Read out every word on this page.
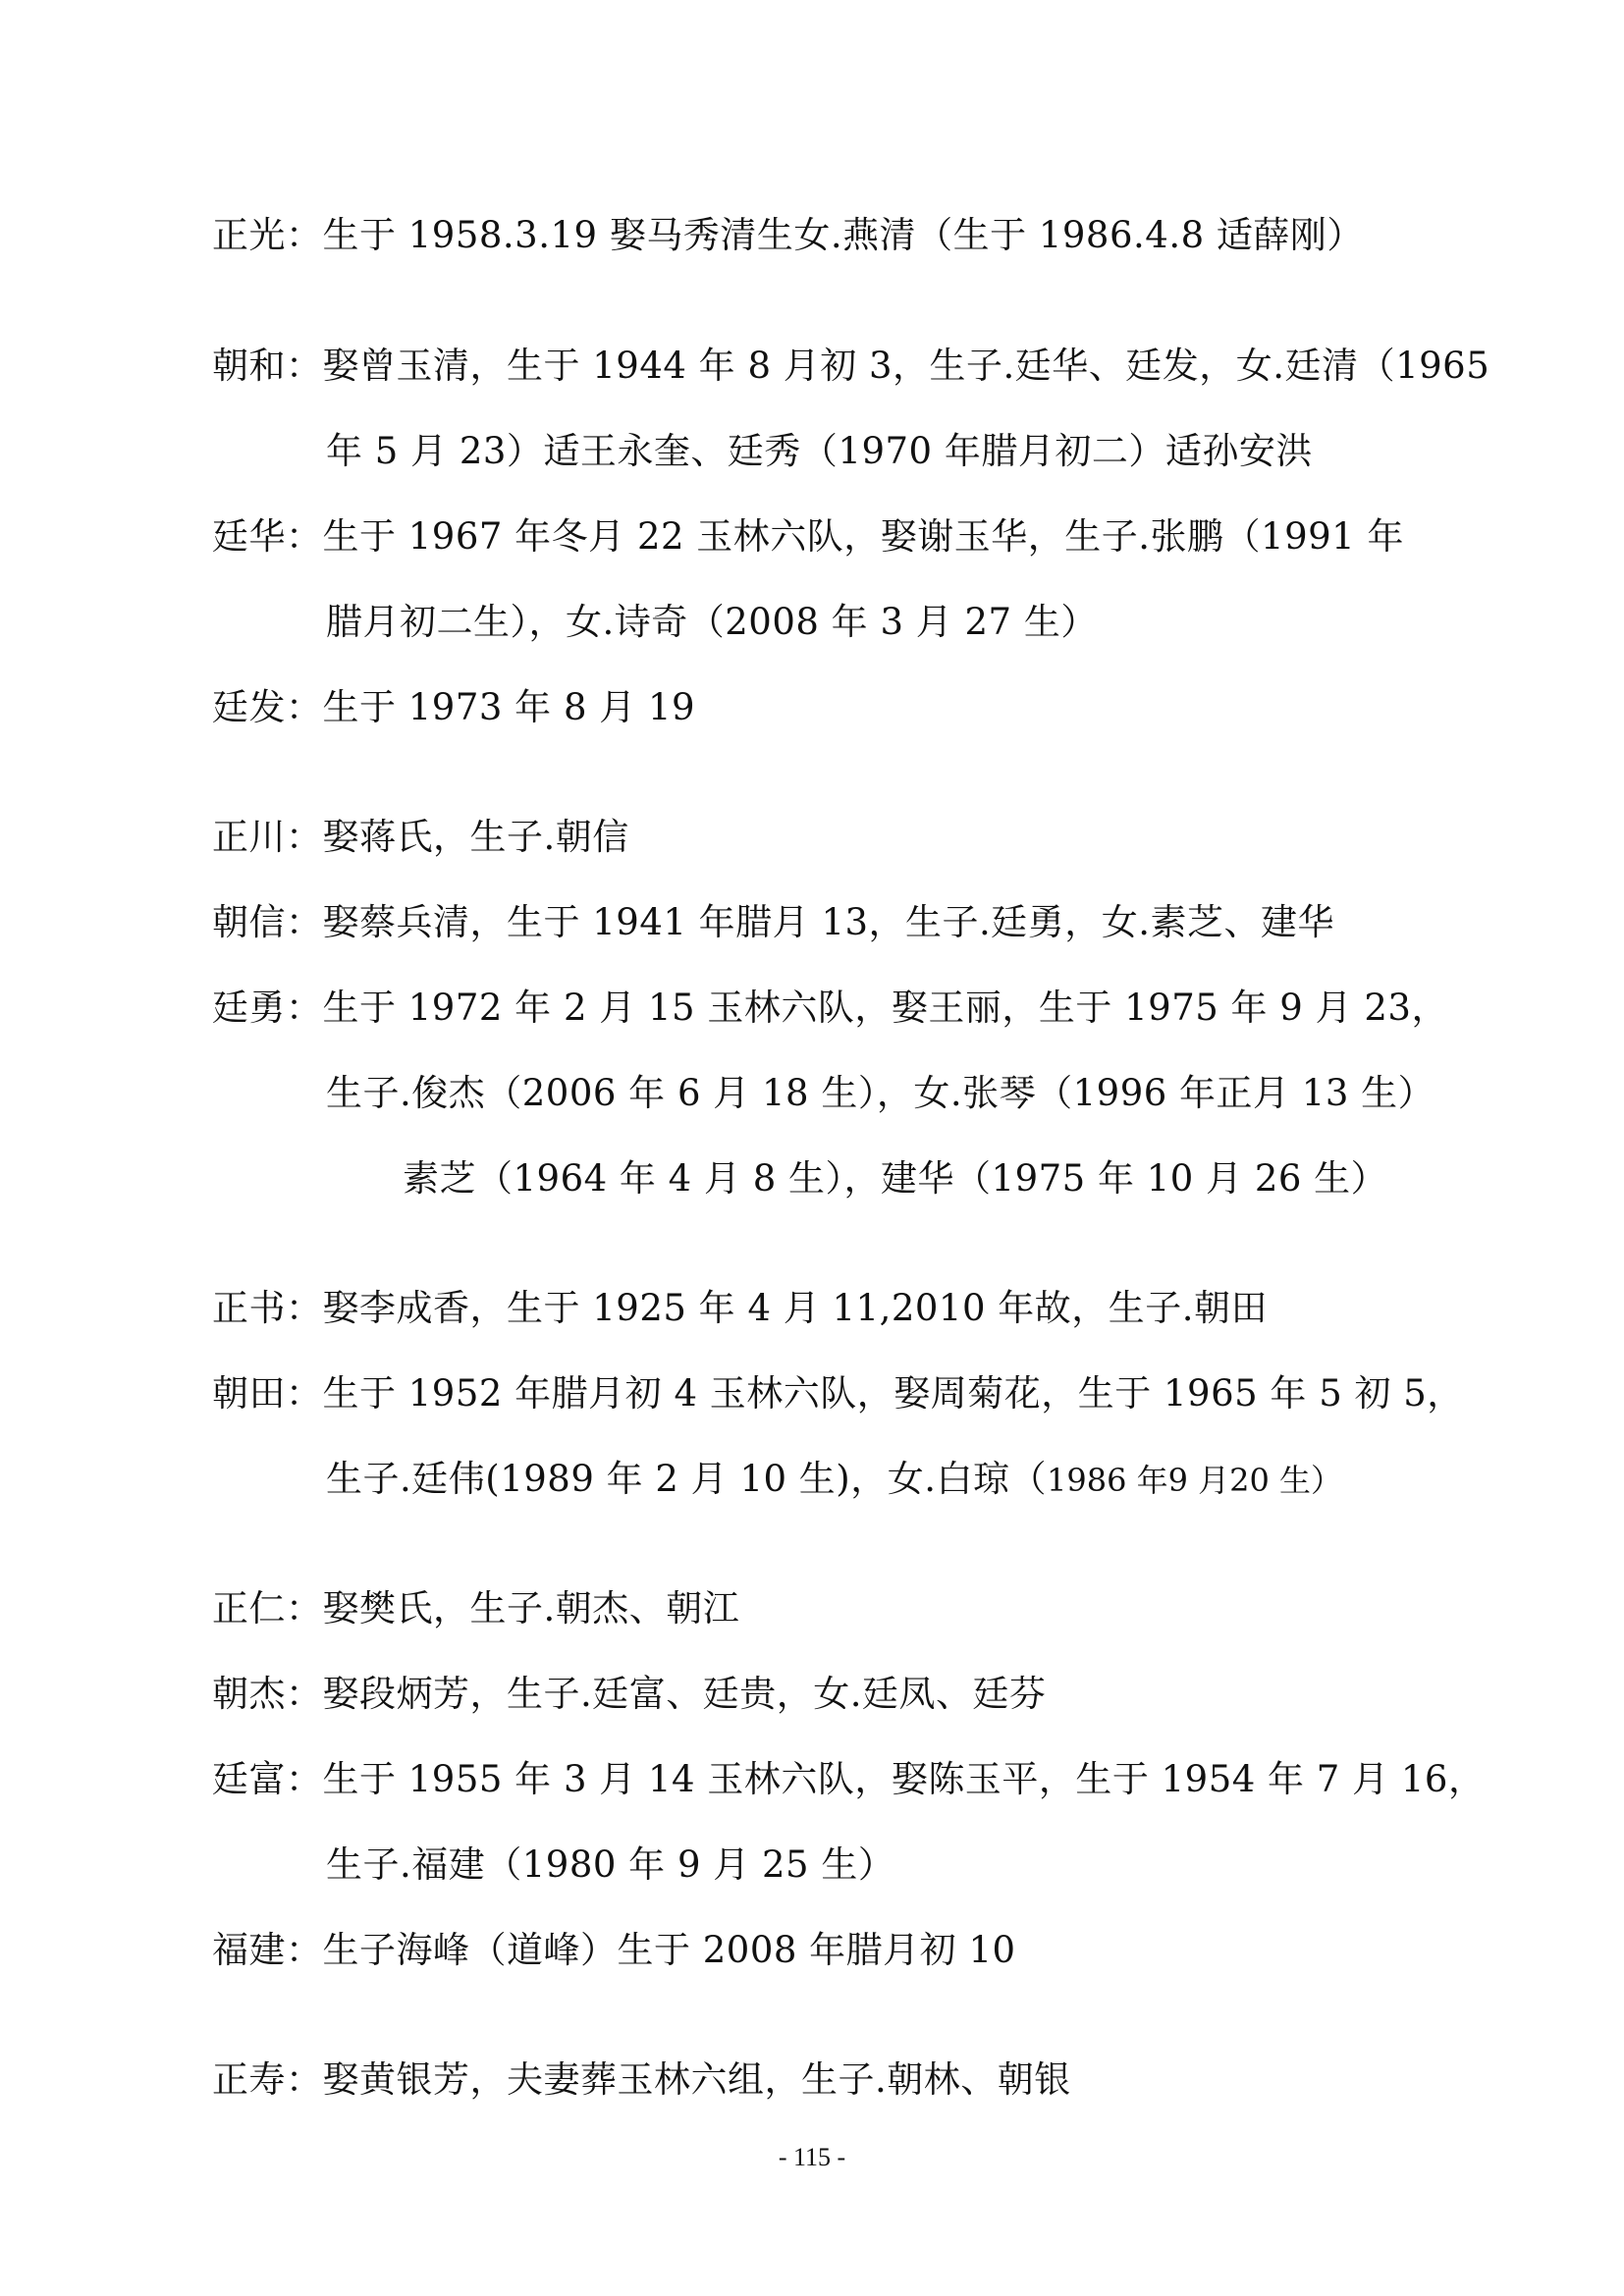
正光：生于 1958.3.19 娶马秀清生女.燕清（生于 1986.4.8 适薛刚）
朝和：娶曾玉清，生于 1944 年 8 月初 3，生子.廷华、廷发，女.廷清（1965
年 5 月 23）适王永奎、廷秀（1970 年腊月初二）适孙安洪
廷华：生于 1967 年冬月 22 玉林六队，娶谢玉华，生子.张鹏（1991 年
腊月初二生），女.诗奇（2008 年 3 月 27 生）
廷发：生于 1973 年 8 月 19
正川：娶蒋氏，生子.朝信
朝信：娶蔡兵清，生于 1941 年腊月 13，生子.廷勇，女.素芝、建华
廷勇：生于 1972 年 2 月 15 玉林六队，娶王丽，生于 1975 年 9 月 23，
生子.俊杰（2006 年 6 月 18 生），女.张琴（1996 年正月 13 生）
素芝（1964 年 4 月 8 生），建华（1975 年 10 月 26 生）
正书：娶李成香，生于 1925 年 4 月 11,2010 年故，生子.朝田
朝田：生于 1952 年腊月初 4 玉林六队，娶周菊花，生于 1965 年 5 初 5，
生子.廷伟(1989 年 2 月 10 生)，女.白琼（1986 年9 月20 生）
正仁：娶樊氏，生子.朝杰、朝江
朝杰：娶段炳芳，生子.廷富、廷贵，女.廷凤、廷芬
廷富：生于 1955 年 3 月 14 玉林六队，娶陈玉平，生于 1954 年 7 月 16，
生子.福建（1980 年 9 月 25 生）
福建：生子海峰（道峰）生于 2008 年腊月初 10
正寿：娶黄银芳，夫妻葬玉林六组，生子.朝林、朝银
- 115 -
